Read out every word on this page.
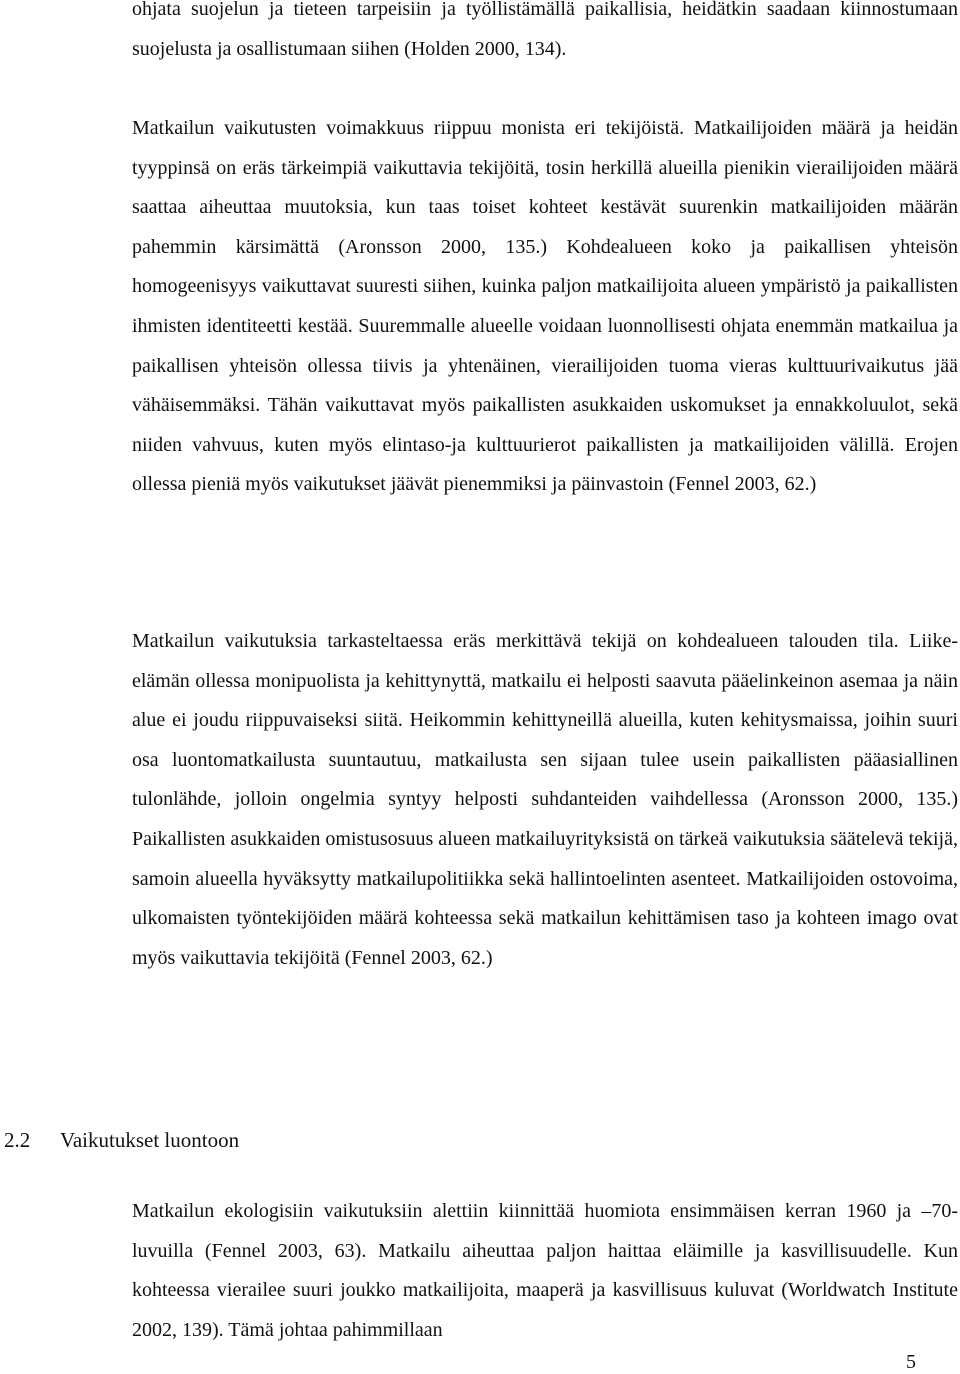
ohjata suojelun ja tieteen tarpeisiin ja työllistämällä paikallisia, heidätkin saadaan kiinnostumaan suojelusta ja osallistumaan siihen (Holden 2000, 134).

Matkailun vaikutusten voimakkuus riippuu monista eri tekijöistä. Matkailijoiden määrä ja heidän tyyppinsä on eräs tärkeimpiä vaikuttavia tekijöitä, tosin herkillä alueilla pienikin vierailijoiden määrä saattaa aiheuttaa muutoksia, kun taas toiset kohteet kestävät suurenkin matkailijoiden määrän pahemmin kärsimättä (Aronsson 2000, 135.) Kohdealueen koko ja paikallisen yhteisön homogeenisyys vaikuttavat suuresti siihen, kuinka paljon matkailijoita alueen ympäristö ja paikallisten ihmisten identiteetti kestää. Suuremmalle alueelle voidaan luonnollisesti ohjata enemmän matkailua ja paikallisen yhteisön ollessa tiivis ja yhtenäinen, vierailijoiden tuoma vieras kulttuurivaikutus jää vähäisemmäksi. Tähän vaikuttavat myös paikallisten asukkaiden uskomukset ja ennakkoluulot, sekä niiden vahvuus, kuten myös elintaso-ja kulttuurierot paikallisten ja matkailijoiden välillä. Erojen ollessa pieniä myös vaikutukset jäävät pienemmiksi ja päinvastoin (Fennel 2003, 62.)

Matkailun vaikutuksia tarkasteltaessa eräs merkittävä tekijä on kohdealueen talouden tila. Liike-elämän ollessa monipuolista ja kehittynyttä, matkailu ei helposti saavuta pääelinkeinon asemaa ja näin alue ei joudu riippuvaiseksi siitä. Heikommin kehittyneillä alueilla, kuten kehitysmaissa, joihin suuri osa luontomatkailusta suuntautuu, matkailusta sen sijaan tulee usein paikallisten pääasiallinen tulonlähde, jolloin ongelmia syntyy helposti suhdanteiden vaihdellessa (Aronsson 2000, 135.) Paikallisten asukkaiden omistusosuus alueen matkailuyrityksistä on tärkeä vaikutuksia säätelevä tekijä, samoin alueella hyväksytty matkailupolitiikka sekä hallintoelinten asenteet. Matkailijoiden ostovoima, ulkomaisten työntekijöiden määrä kohteessa sekä matkailun kehittämisen taso ja kohteen imago ovat myös vaikuttavia tekijöitä (Fennel 2003, 62.)

2.2 Vaikutukset luontoon

Matkailun ekologisiin vaikutuksiin alettiin kiinnittää huomiota ensimmäisen kerran 1960 ja –70- luvuilla (Fennel 2003, 63). Matkailu aiheuttaa paljon haittaa eläimille ja kasvillisuudelle. Kun kohteessa vierailee suuri joukko matkailijoita, maaperä ja kasvillisuus kuluvat (Worldwatch Institute 2002, 139). Tämä johtaa pahimmillaan

5
